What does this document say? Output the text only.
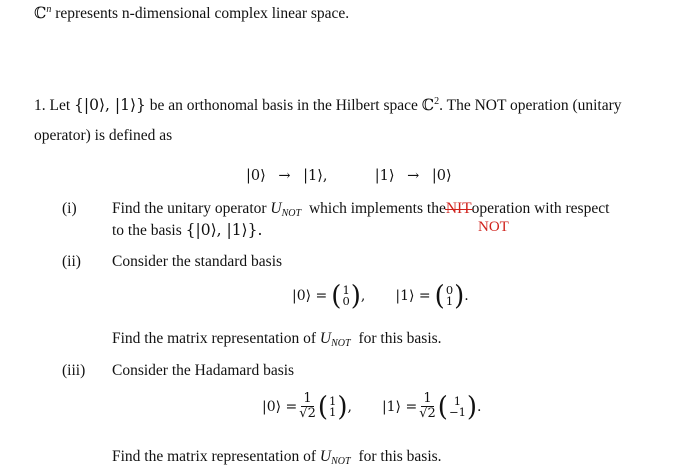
ℂ$^n$ represents n-dimensional complex linear space.
1. Let {|0⟩, |1⟩} be an orthonomal basis in the Hilbert space ℂ$^2$. The NOT operation (unitary
operator) is defined as
|0⟩ → |1⟩,	|1⟩ → |0⟩
(i) Find the unitary operator $U_{NOT}$ which implements theNIToperation with respect
NOT
to the basis {|0⟩, |1⟩}.
(ii) Consider the standard basis
|0⟩ = ( 1
0 ) , |1⟩ = ( 0
1 ) .
Find the matrix representation of $U_{NOT}$ for this basis.
(iii) Consider the Hadamard basis
|0⟩ = $\frac{1}{√2}$ ( 1
1 ) , |1⟩ = $\frac{1}{√2}$ ( 1
−1 ) .
Find the matrix representation of $U_{NOT}$ for this basis.
